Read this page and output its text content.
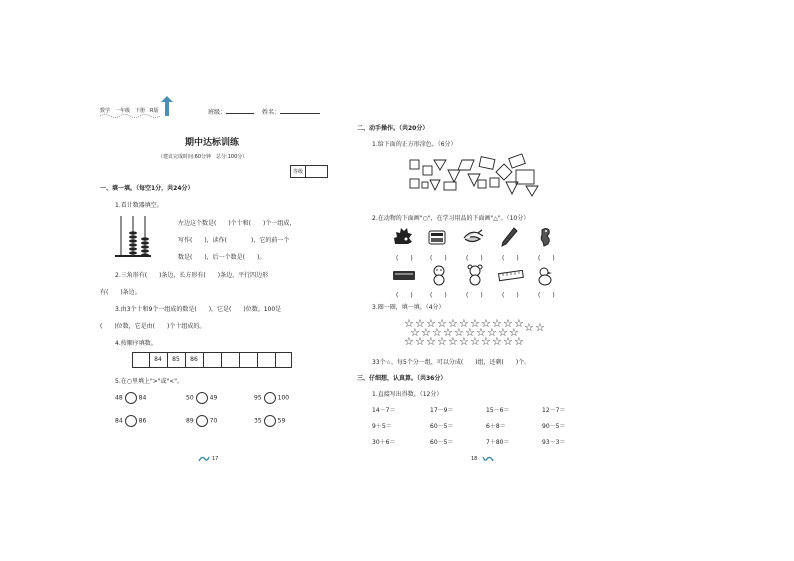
数学 一年级 下册 R版	班级：	姓名：
期中达标训练
（建议完成时间:60分钟　总分:100分）
等级
一、填一填。（每空1分，共24分）
1.看计数器填空。
左边这个数是(　　)个十和(　　)个一组成，
写作(　　)，读作(　　　　)，它的前一个
数是(　　)，后一个数是(　　)。
2.三角形有(　　)条边，长方形有(　　)条边，平行四边形
有(　　)条边。
3.由3个十和9个一组成的数是(　　)，它是(　　)位数。100是
(　　)位数，它是由(　　)个十组成的。
4.按顺序填数。
84	85	86
5.在○里填上">"或"<"。
48	84	50	49	95	100
84	86	89	70	35	59
17
二、动手操作。（共20分）
1.给下面的正方形涂色。（6分）
2.在动物的下面画"○"，在学习用品的下面画"△"。（10分）
(　　)	(　　)	(　　)	(　　)	(　　)
(　　)	(　　)	(　　)	(　　)	(　　)
3.圈一圈，填一填。（4分）
☆ ☆ ☆ ☆ ☆ ☆ ☆ ☆ ☆ ☆ ☆
☆ ☆ ☆ ☆ ☆ ☆ ☆ ☆ ☆ ☆ ☆ ☆
☆ ☆ ☆ ☆ ☆ ☆ ☆ ☆ ☆ ☆ ☆
33个☆，每5个分一组，可以分成(　　)组，还剩(　　)个。
三、仔细想，认真算。（共36分）
1.直接写出得数。（12分）
14－7＝	17－9＝	15－6＝	12－7＝
9＋5＝	60－5＝	6＋8＝	90－5＝
30＋6＝	60－5＝	7＋80＝	93－3＝
18
